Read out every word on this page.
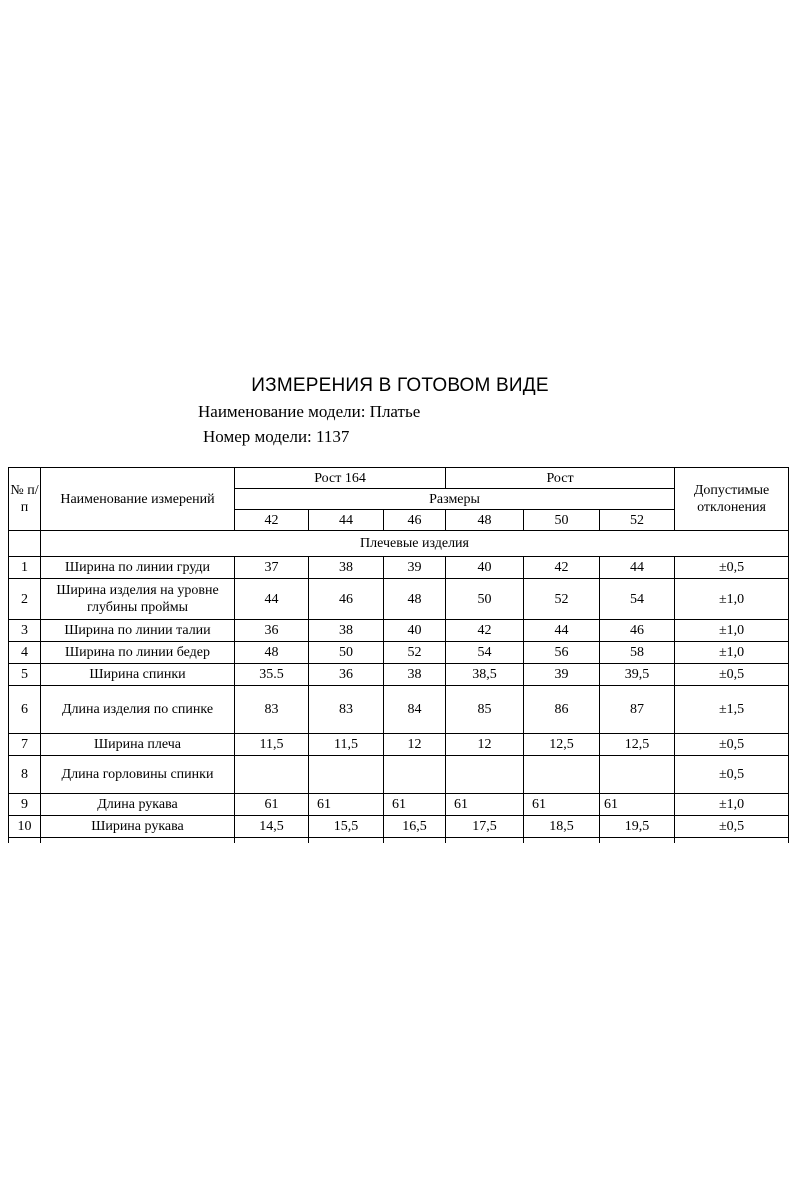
ИЗМЕРЕНИЯ В ГОТОВОМ ВИДЕ
Наименование модели: Платье
Номер модели: 1137
№ п/ п	Наименование измерений	Рост 164			Рост			Допустимые отклонения
		Размеры						
		42	44	46	48	50	52	
	Плечевые изделия							
1	Ширина по линии груди	37	38	39	40	42	44	±0,5
2	Ширина изделия на уровне глубины проймы	44	46	48	50	52	54	±1,0
3	Ширина по линии талии	36	38	40	42	44	46	±1,0
4	Ширина по линии бедер	48	50	52	54	56	58	±1,0
5	Ширина спинки	35.5	36	38	38,5	39	39,5	±0,5
6	Длина изделия по спинке	83	83	84	85	86	87	±1,5
7	Ширина плеча	11,5	11,5	12	12	12,5	12,5	±0,5
8	Длина горловины спинки							±0,5
9	Длина рукава	61	61	61	61	61	61	±1,0
10	Ширина рукава	14,5	15,5	16,5	17,5	18,5	19,5	±0,5
